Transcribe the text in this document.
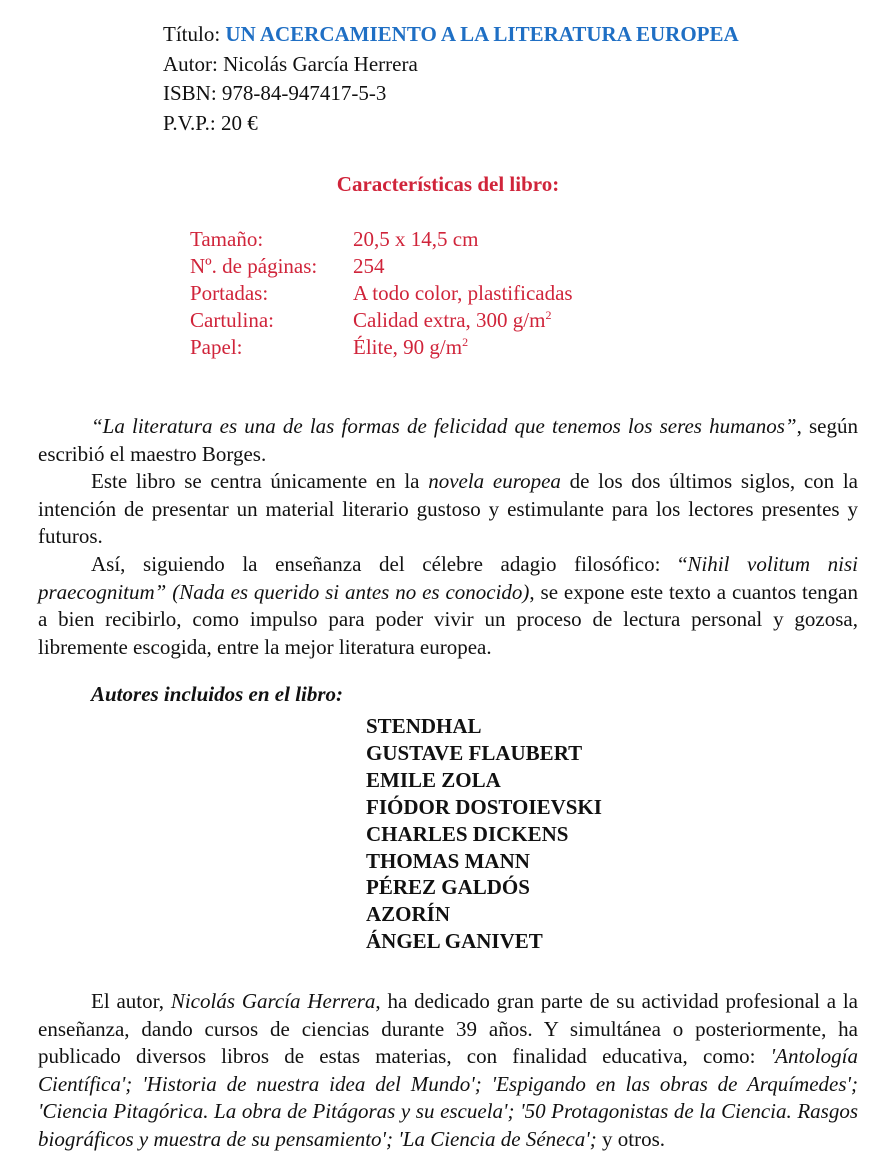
Título: UN ACERCAMIENTO A LA LITERATURA EUROPEA
Autor: Nicolás García Herrera
ISBN: 978-84-947417-5-3
P.V.P.: 20 €
Características del libro:
Tamaño:	20,5 x 14,5 cm
Nº. de páginas:	254
Portadas:	A todo color, plastificadas
Cartulina:	Calidad extra, 300 $g/m^2$
Papel:	Élite, 90 $g/m^2$

“La literatura es una de las formas de felicidad que tenemos los seres humanos”, según escribió el maestro Borges.

Este libro se centra únicamente en la novela europea de los dos últimos siglos, con la intención de presentar un material literario gustoso y estimulante para los lectores presentes y futuros.

Así, siguiendo la enseñanza del célebre adagio filosófico: “Nihil volitum nisi praecognitum” (Nada es querido si antes no es conocido), se expone este texto a cuantos tengan a bien recibirlo, como impulso para poder vivir un proceso de lectura personal y gozosa, libremente escogida, entre la mejor literatura europea.

Autores incluidos en el libro:
STENDHAL
GUSTAVE FLAUBERT
EMILE ZOLA
FIÓDOR DOSTOIEVSKI
CHARLES DICKENS
THOMAS MANN
PÉREZ GALDÓS
AZORÍN
ÁNGEL GANIVET

El autor, Nicolás García Herrera, ha dedicado gran parte de su actividad profesional a la enseñanza, dando cursos de ciencias durante 39 años. Y simultánea o posteriormente, ha publicado diversos libros de estas materias, con finalidad educativa, como: 'Antología Científica'; 'Historia de nuestra idea del Mundo'; 'Espigando en las obras de Arquímedes'; 'Ciencia Pitagórica. La obra de Pitágoras y su escuela'; '50 Protagonistas de la Ciencia. Rasgos biográficos y muestra de su pensamiento'; 'La Ciencia de Séneca'; y otros.
